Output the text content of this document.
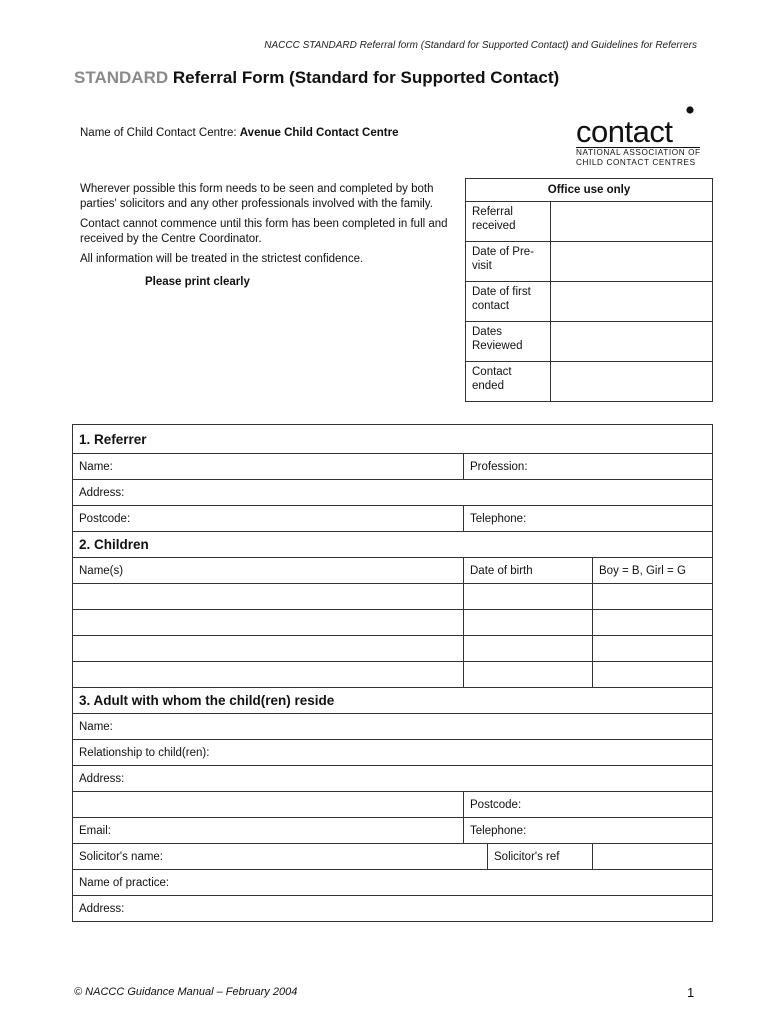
NACCC STANDARD Referral form (Standard for Supported Contact) and Guidelines for Referrers
STANDARD Referral Form (Standard for Supported Contact)
Name of Child Contact Centre: Avenue Child Contact Centre	contact
NATIONAL ASSOCIATION OF
CHILD CONTACT CENTRES

Wherever possible this form needs to be seen and completed by both parties' solicitors and any other professionals involved with the family.

Contact cannot commence until this form has been completed in full and received by the Centre Coordinator.

All information will be treated in the strictest confidence.

Please print clearly

Office use only	
Referral received	
Date of Pre-visit	
Date of first contact	
Dates Reviewed	
Contact ended	
1. Referrer			
Name:	Profession:		
Address:			
Postcode:	Telephone:		
2. Children			
Name(s)	Date of birth		Boy = B, Girl = G

3. Adult with whom the child(ren) reside			
Name:			
Relationship to child(ren):			
Address:			
	Postcode:		
Email:	Telephone:		
Solicitor's name:		Solicitor's ref	
Name of practice:			
Address:			
© NACCC Guidance Manual – February 2004	1
